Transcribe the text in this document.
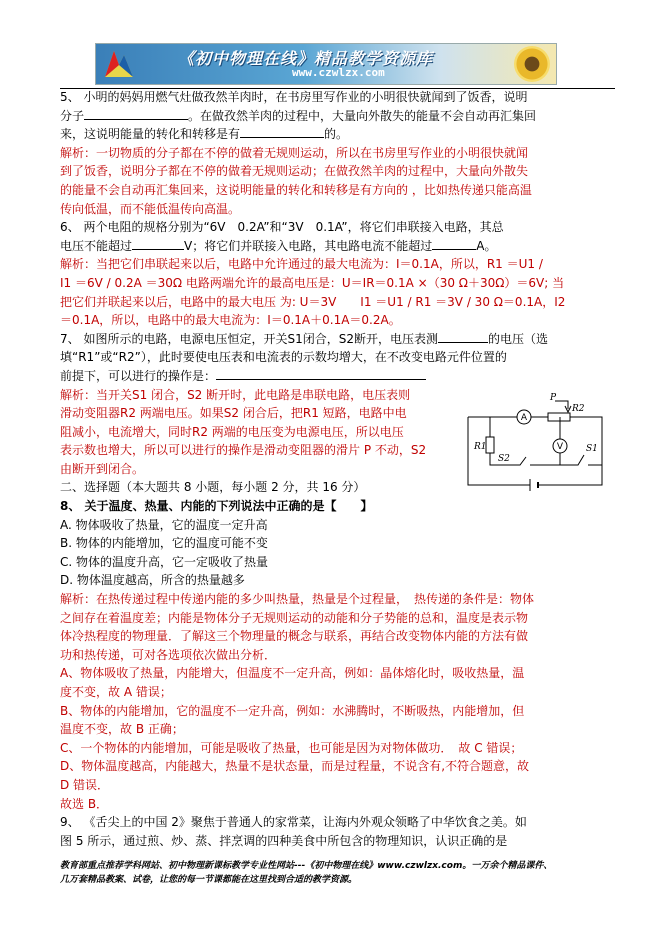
《初中物理在线》精品教学资源库
www.czwlzx.com

5、 小明的妈妈用燃气灶做孜然羊肉时，在书房里写作业的小明很快就闻到了饭香，说明

分子	。在做孜然羊肉的过程中，大量向外散失的能量不会自动再汇集回

来，这说明能量的转化和转移是有	的。

解析：一切物质的分子都在不停的做着无规则运动，所以在书房里写作业的小明很快就闻

到了饭香，说明分子都在不停的做着无规则运动；在做孜然羊肉的过程中，大量向外散失

的能量不会自动再汇集回来，这说明能量的转化和转移是有方向的 ，比如热传递只能高温

传向低温，而不能低温传向高温。

6、 两个电阻的规格分别为“6V　0.2A”和“3V　0.1A”，将它们串联接入电路，其总

电压不能超过	V；将它们并联接入电路，其电路电流不能超过	A。

解析：当把它们串联起来以后，电路中允许通过的最大电流为：I＝0.1A，所以，R1 ＝U1 /

I1 ＝6V / 0.2A ＝30Ω 电路两端允许的最高电压是：U＝IR＝0.1A ×（30 Ω＋30Ω）＝6V; 当

把它们并联起来以后，电路中的最大电压 为: U＝3V　　I1 ＝U1 / R1 ＝3V / 30 Ω＝0.1A，I2

＝0.1A，所以，电路中的最大电流为：I＝0.1A＋0.1A＝0.2A。

7、 如图所示的电路，电源电压恒定，开关S1闭合，S2断开，电压表测	的电压（选

填“R1”或“R2”），此时要使电压表和电流表的示数均增大，在不改变电路元件位置的

前提下，可以进行的操作是：

解析：当开关S1 闭合，S2 断开时，此电路是串联电路，电压表则

滑动变阻器R2 两端电压。如果S2 闭合后，把R1 短路，电路中电

阻减小，电流增大，同时R2 两端的电压变为电源电压，所以电压

表示数也增大，所以可以进行的操作是滑动变阻器的滑片 P 不动，S2

由断开到闭合。

二、选择题（本大题共 8 小题，每小题 2 分，共 16 分）

8、 关于温度、热量、内能的下列说法中正确的是【　　】

A. 物体吸收了热量，它的温度一定升高

B. 物体的内能增加，它的温度可能不变

C. 物体的温度升高，它一定吸收了热量

D. 物体温度越高，所含的热量越多

解析：在热传递过程中传递内能的多少叫热量，热量是个过程量，　热传递的条件是：物体

之间存在着温度差；内能是物体分子无规则运动的动能和分子势能的总和，温度是表示物

体冷热程度的物理量．了解这三个物理量的概念与联系，再结合改变物体内能的方法有做

功和热传递，可对各选项依次做出分析．

A、物体吸收了热量，内能增大，但温度不一定升高，例如：晶体熔化时，吸收热量，温

度不变，故 A 错误；

B、物体的内能增加，它的温度不一定升高，例如：水沸腾时，不断吸热，内能增加，但

温度不变，故 B 正确；

C、一个物体的内能增加，可能是吸收了热量，也可能是因为对物体做功．　故 C 错误；

D、物体温度越高，内能越大，热量不是状态量，而是过程量，不说含有,不符合题意，故

D 错误．

故选 B．

9、 《舌尖上的中国 2》聚焦于普通人的家常菜，让海内外观众领略了中华饮食之美。如

图 5 所示，通过煎、炒、蒸、拌烹调的四种美食中所包含的物理知识，认识正确的是

A
V
P
R2
R1
S2
S1
教育部重点推荐学科网站、初中物理新课标教学专业性网站---《初中物理在线》www.czwlzx.com。一万余个精品课件、
几万套精品教案、试卷，让您的每一节课都能在这里找到合适的教学资源。
